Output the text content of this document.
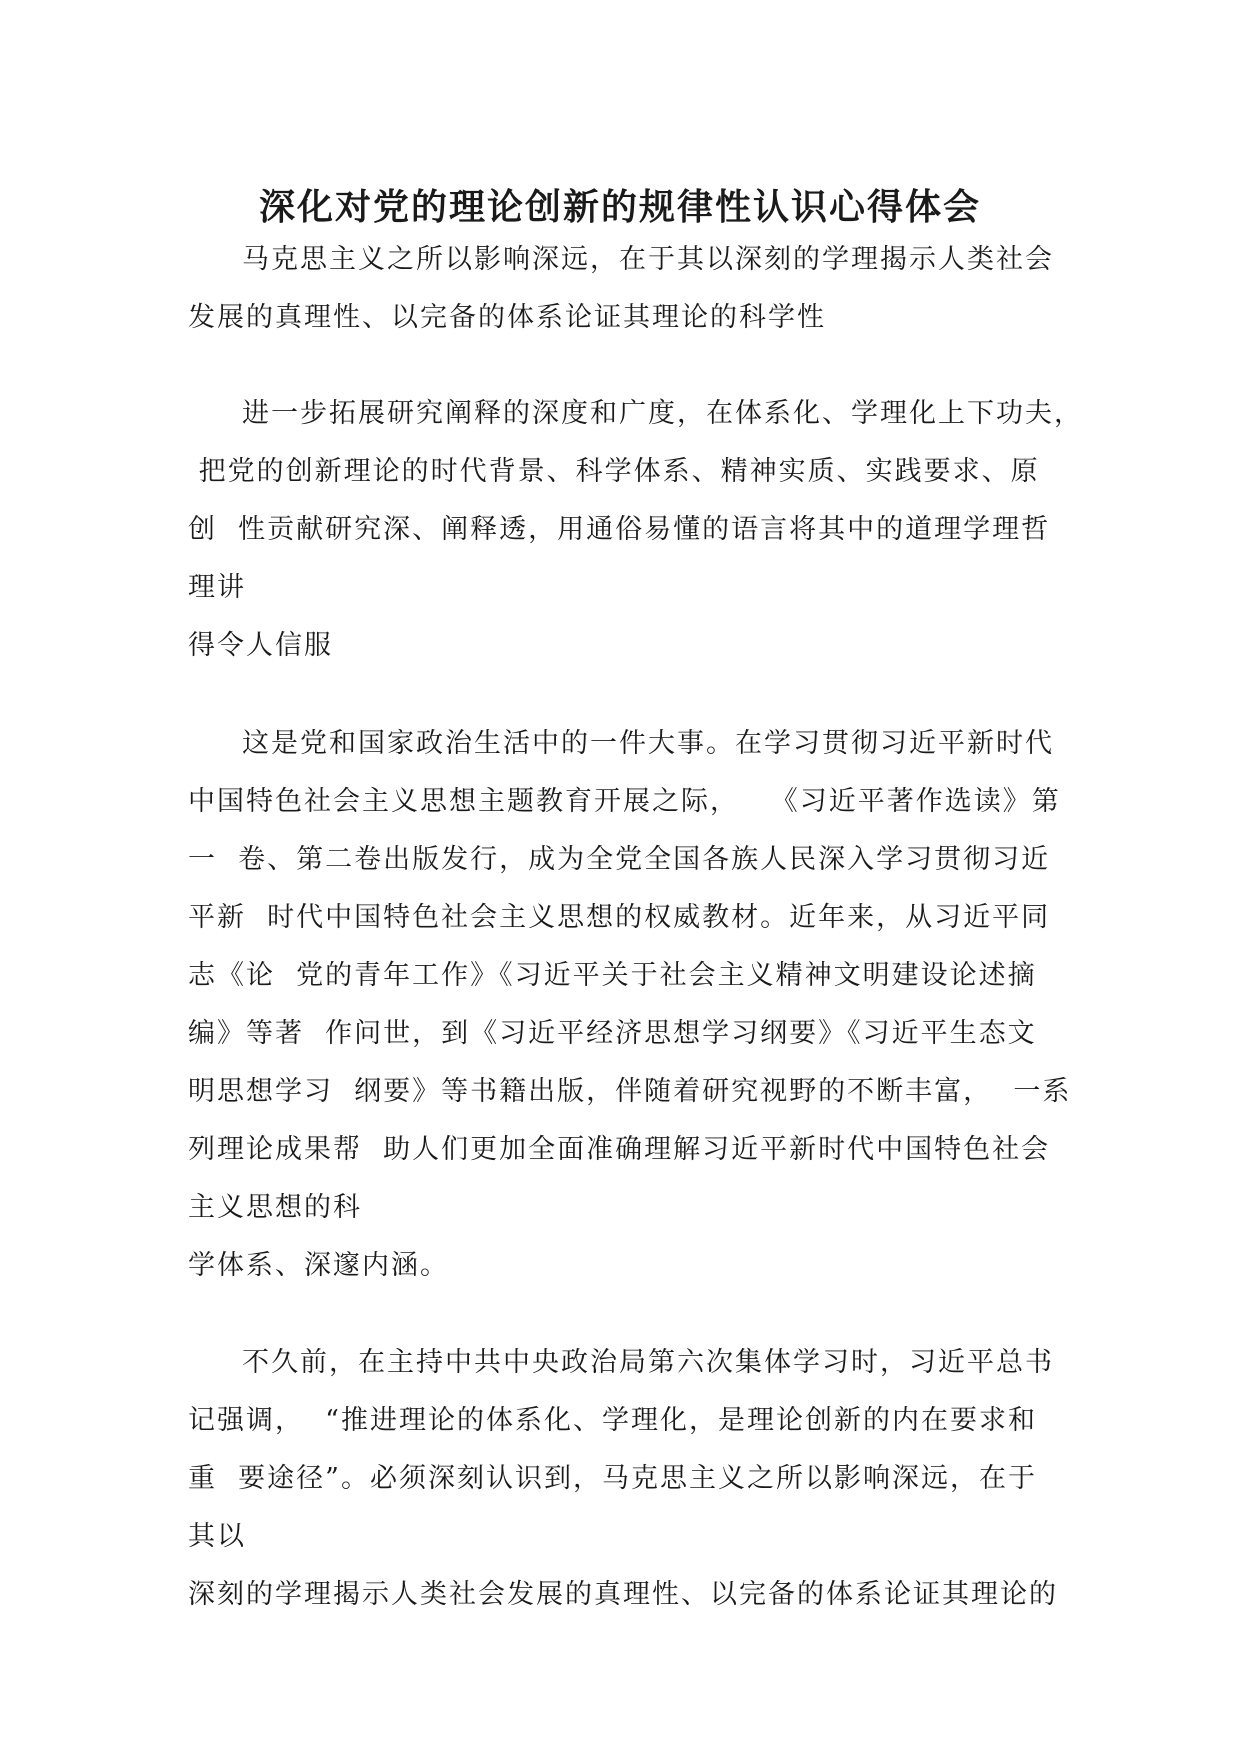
深化对党的理论创新的规律性认识心得体会
马克思主义之所以影响深远，在于其以深刻的学理揭示人类社会
发展的真理性、以完备的体系论证其理论的科学性
进一步拓展研究阐释的深度和广度，在体系化、学理化上下功夫，
把党的创新理论的时代背景、科学体系、精神实质、实践要求、原
创  性贡献研究深、阐释透，用通俗易懂的语言将其中的道理学理哲
理讲
得令人信服
这是党和国家政治生活中的一件大事。在学习贯彻习近平新时代
中国特色社会主义思想主题教育开展之际，   《习近平著作选读》第
一  卷、第二卷出版发行，成为全党全国各族人民深入学习贯彻习近
平新  时代中国特色社会主义思想的权威教材。近年来，从习近平同
志《论  党的青年工作》《习近平关于社会主义精神文明建设论述摘
编》等著  作问世，到《习近平经济思想学习纲要》《习近平生态文
明思想学习  纲要》等书籍出版，伴随着研究视野的不断丰富，  一系
列理论成果帮  助人们更加全面准确理解习近平新时代中国特色社会
主义思想的科
学体系、深邃内涵。
不久前，在主持中共中央政治局第六次集体学习时，习近平总书
记强调，  “推进理论的体系化、学理化，是理论创新的内在要求和
重  要途径”。必须深刻认识到，马克思主义之所以影响深远，在于
其以
深刻的学理揭示人类社会发展的真理性、以完备的体系论证其理论的
